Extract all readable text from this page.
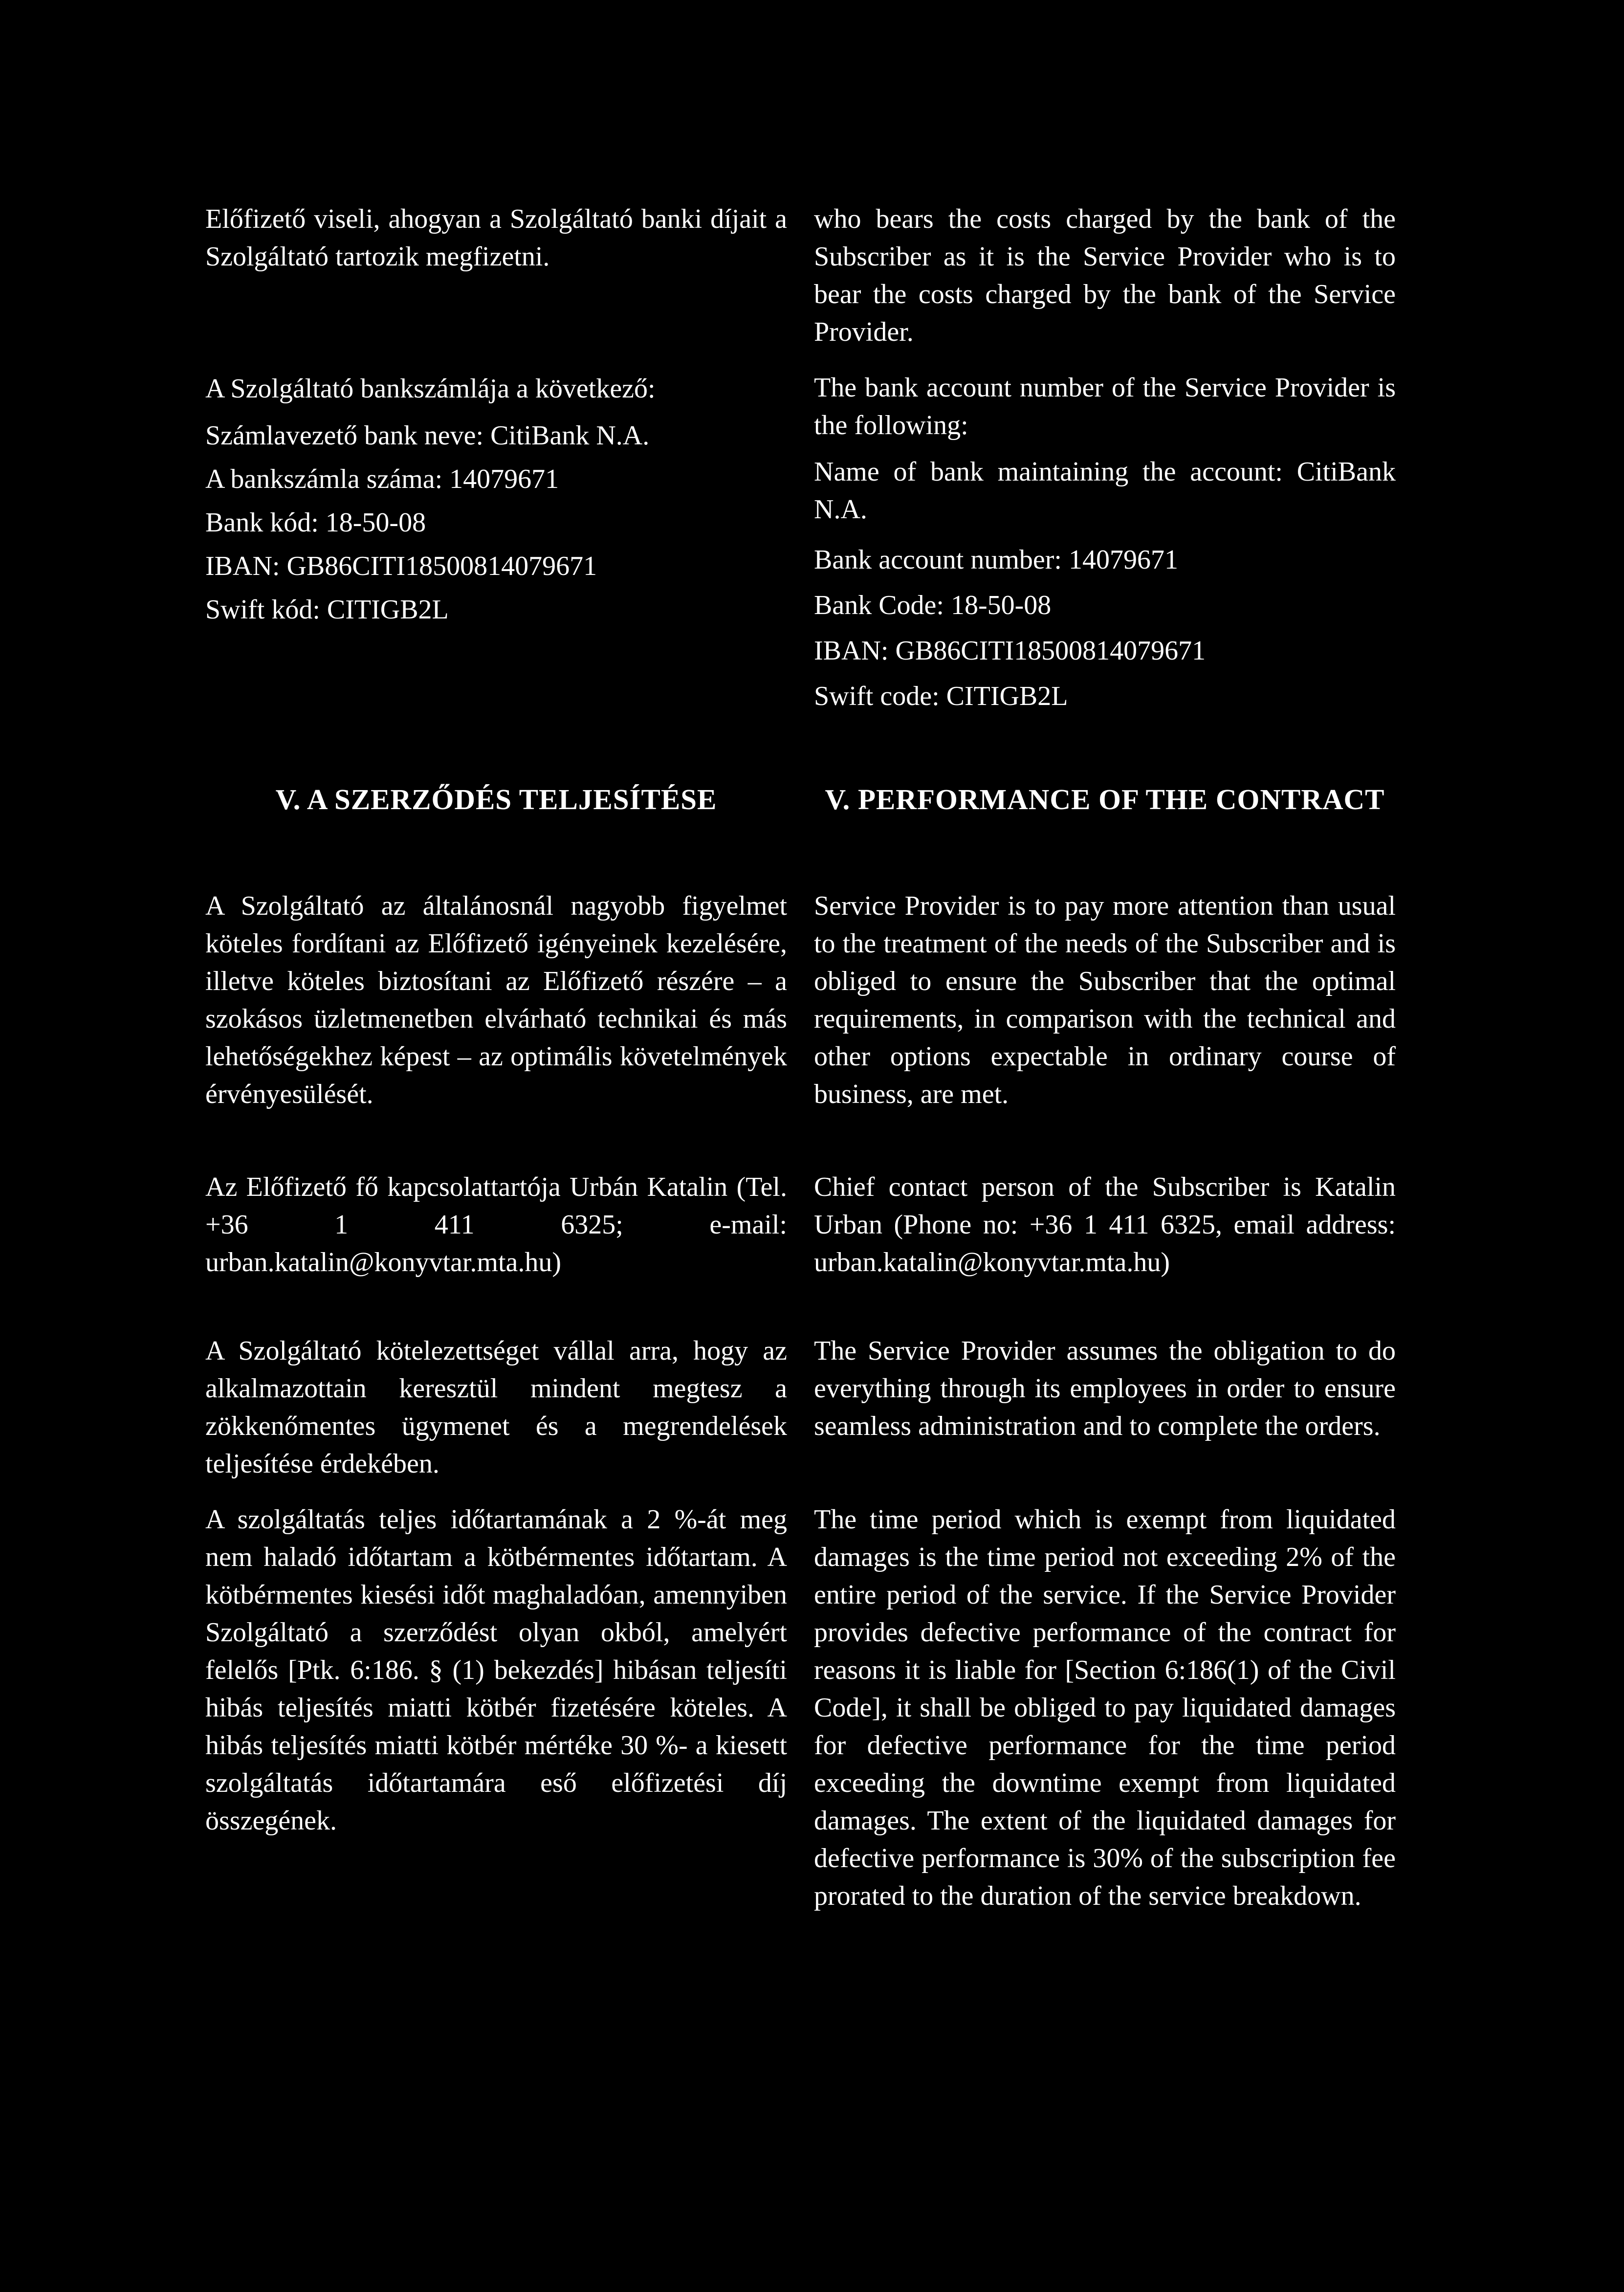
Előfizető viseli, ahogyan a Szolgáltató banki díjait a Szolgáltató tartozik megfizetni.

A Szolgáltató bankszámlája a következő:

Számlavezető bank neve: CitiBank N.A.

A bankszámla száma: 14079671

Bank kód: 18-50-08

IBAN: GB86CITI18500814079671

Swift kód: CITIGB2L

who bears the costs charged by the bank of the Subscriber as it is the Service Provider who is to bear the costs charged by the bank of the Service Provider.

The bank account number of the Service Provider is the following:

Name of bank maintaining the account: CitiBank N.A.

Bank account number: 14079671

Bank Code: 18-50-08

IBAN: GB86CITI18500814079671

Swift code: CITIGB2L

V. A SZERZŐDÉS TELJESÍTÉSE	V. PERFORMANCE OF THE CONTRACT

A Szolgáltató az általánosnál nagyobb figyelmet köteles fordítani az Előfizető igényeinek kezelésére, illetve köteles biztosítani az Előfizető részére – a szokásos üzletmenetben elvárható technikai és más lehetőségekhez képest – az optimális követelmények érvényesülését.

Az Előfizető fő kapcsolattartója Urbán Katalin (Tel. +36 1 411 6325; e-mail: urban.katalin@konyvtar.mta.hu)

A Szolgáltató kötelezettséget vállal arra, hogy az alkalmazottain keresztül mindent megtesz a zökkenőmentes ügymenet és a megrendelések teljesítése érdekében.

A szolgáltatás teljes időtartamának a 2 %-át meg nem haladó időtartam a kötbérmentes időtartam. A kötbérmentes kiesési időt maghaladóan, amennyiben Szolgáltató a szerződést olyan okból, amelyért felelős [Ptk. 6:186. § (1) bekezdés] hibásan teljesíti hibás teljesítés miatti kötbér fizetésére köteles. A hibás teljesítés miatti kötbér mértéke 30 %- a kiesett szolgáltatás időtartamára eső előfizetési díj összegének.

Service Provider is to pay more attention than usual to the treatment of the needs of the Subscriber and is obliged to ensure the Subscriber that the optimal requirements, in comparison with the technical and other options expectable in ordinary course of business, are met.

Chief contact person of the Subscriber is Katalin Urban (Phone no: +36 1 411 6325, email address: urban.katalin@konyvtar.mta.hu)

The Service Provider assumes the obligation to do everything through its employees in order to ensure seamless administration and to complete the orders.

The time period which is exempt from liquidated damages is the time period not exceeding 2% of the entire period of the service. If the Service Provider provides defective performance of the contract for reasons it is liable for [Section 6:186(1) of the Civil Code], it shall be obliged to pay liquidated damages for defective performance for the time period exceeding the downtime exempt from liquidated damages. The extent of the liquidated damages for defective performance is 30% of the subscription fee prorated to the duration of the service breakdown.
